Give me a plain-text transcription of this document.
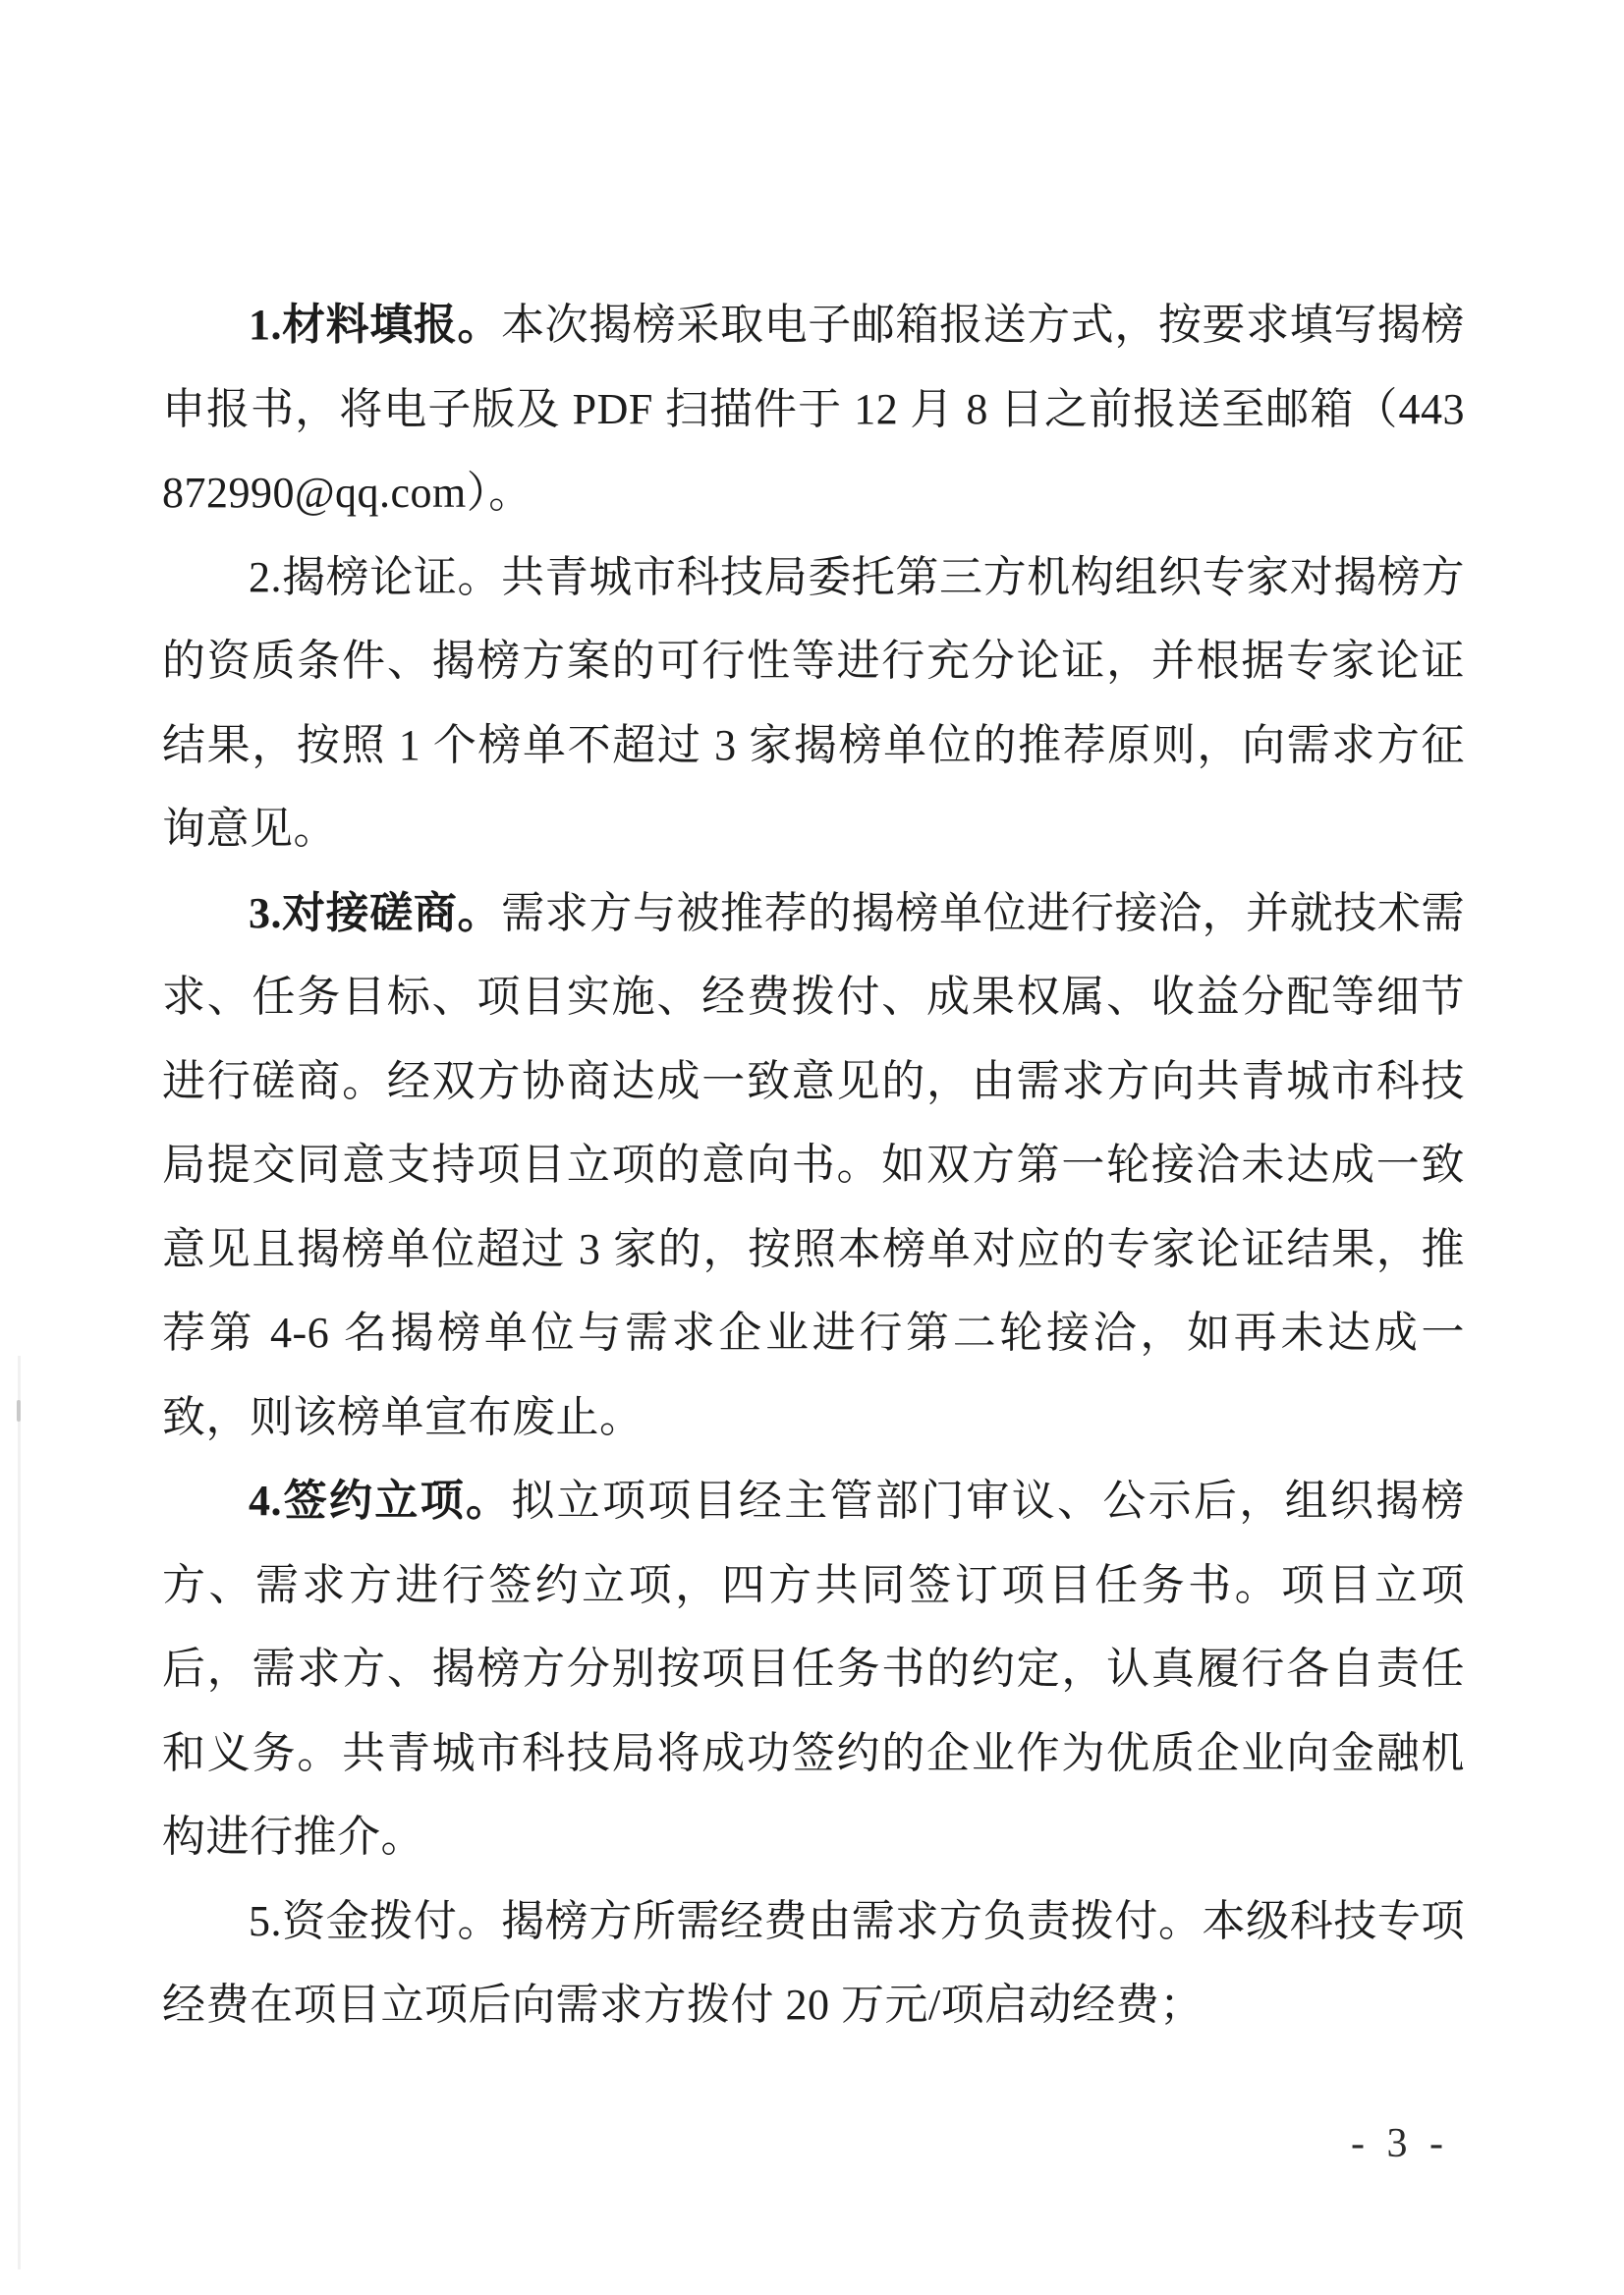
1.材料填报。本次揭榜采取电子邮箱报送方式，按要求填写揭榜申报书，将电子版及 PDF 扫描件于 12 月 8 日之前报送至邮箱（443872990@qq.com）。

2.揭榜论证。共青城市科技局委托第三方机构组织专家对揭榜方的资质条件、揭榜方案的可行性等进行充分论证，并根据专家论证结果，按照 1 个榜单不超过 3 家揭榜单位的推荐原则，向需求方征询意见。

3.对接磋商。需求方与被推荐的揭榜单位进行接洽，并就技术需求、任务目标、项目实施、经费拨付、成果权属、收益分配等细节进行磋商。经双方协商达成一致意见的，由需求方向共青城市科技局提交同意支持项目立项的意向书。如双方第一轮接洽未达成一致意见且揭榜单位超过 3 家的，按照本榜单对应的专家论证结果，推荐第 4-6 名揭榜单位与需求企业进行第二轮接洽，如再未达成一致，则该榜单宣布废止。

4.签约立项。拟立项项目经主管部门审议、公示后，组织揭榜方、需求方进行签约立项，四方共同签订项目任务书。项目立项后，需求方、揭榜方分别按项目任务书的约定，认真履行各自责任和义务。共青城市科技局将成功签约的企业作为优质企业向金融机构进行推介。

5.资金拨付。揭榜方所需经费由需求方负责拨付。本级科技专项经费在项目立项后向需求方拨付 20 万元/项启动经费；

- 3 -
